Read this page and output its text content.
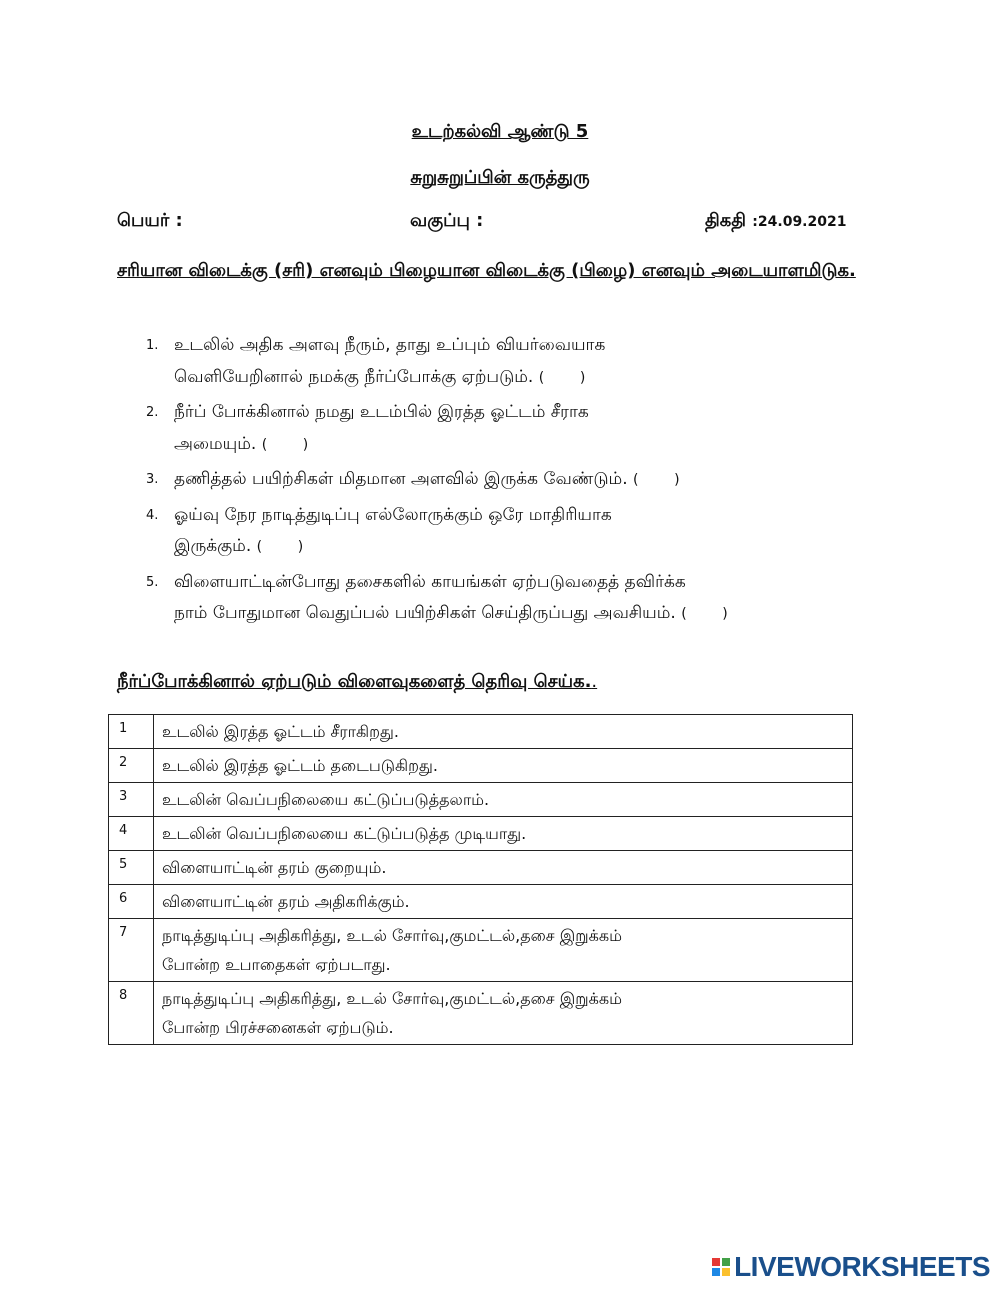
உடற்கல்வி ஆண்டு 5
சுறுசுறுப்பின் கருத்துரு
பெயர் :	வகுப்பு :	திகதி :24.09.2021
சரியான விடைக்கு (சரி) எனவும் பிழையான விடைக்கு (பிழை) எனவும் அடையாளமிடுக.
1. உடலில் அதிக அளவு நீரும், தாது உப்பும் வியர்வையாக
வெளியேறினால் நமக்கு நீர்ப்போக்கு ஏற்படும். (        )
2. நீர்ப் போக்கினால் நமது உடம்பில் இரத்த ஓட்டம் சீராக
அமையும். (        )
3. தணித்தல் பயிற்சிகள் மிதமான அளவில் இருக்க வேண்டும். (        )
4. ஓய்வு நேர நாடித்துடிப்பு எல்லோருக்கும் ஒரே மாதிரியாக
இருக்கும். (        )
5. விளையாட்டின்போது தசைகளில் காயங்கள் ஏற்படுவதைத் தவிர்க்க
நாம் போதுமான வெதுப்பல் பயிற்சிகள் செய்திருப்பது அவசியம். (        )
நீர்ப்போக்கினால் ஏற்படும் விளைவுகளைத் தெரிவு செய்க..
1	உடலில் இரத்த ஓட்டம் சீராகிறது.

2	உடலில் இரத்த ஓட்டம் தடைபடுகிறது.

3	உடலின் வெப்பநிலையை கட்டுப்படுத்தலாம்.

4	உடலின் வெப்பநிலையை கட்டுப்படுத்த முடியாது.

5	விளையாட்டின் தரம் குறையும்.

6	விளையாட்டின் தரம் அதிகரிக்கும்.

7	நாடித்துடிப்பு அதிகரித்து, உடல் சோர்வு,குமட்டல்,தசை இறுக்கம்
போன்ற உபாதைகள் ஏற்படாது.

8	நாடித்துடிப்பு அதிகரித்து, உடல் சோர்வு,குமட்டல்,தசை இறுக்கம்
போன்ற பிரச்சனைகள் ஏற்படும்.
LIVEWORKSHEETS
